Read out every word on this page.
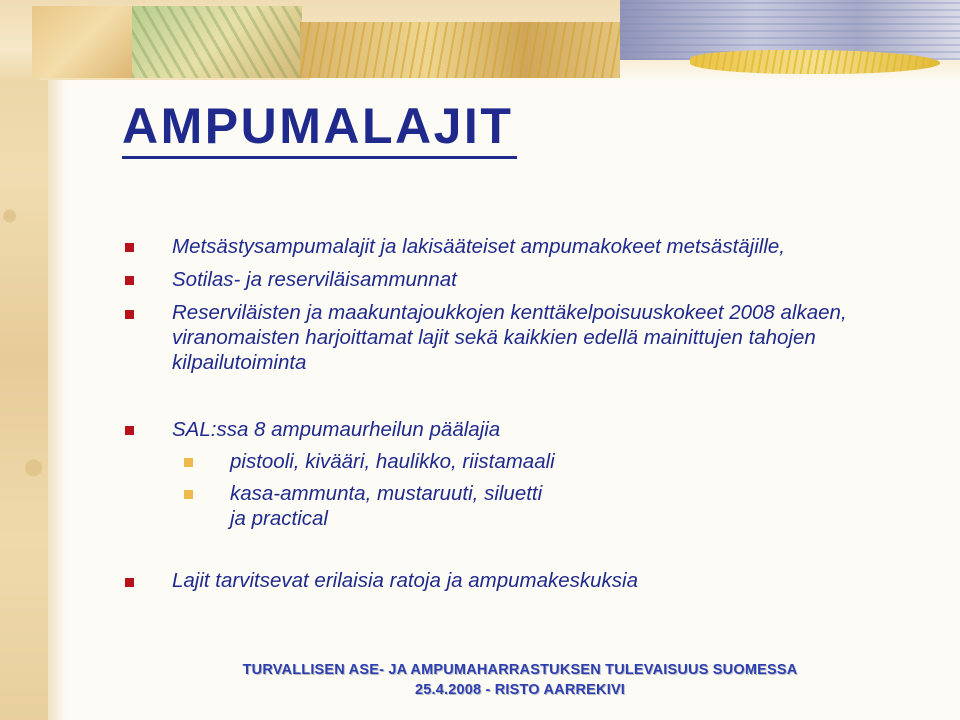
AMPUMALAJIT
Metsästysampumalajit ja lakisääteiset ampumakokeet metsästäjille,
Sotilas- ja reserviläisammunnat
Reserviläisten ja maakuntajoukkojen kenttäkelpoisuuskokeet 2008 alkaen,
viranomaisten harjoittamat lajit sekä kaikkien edellä mainittujen tahojen
kilpailutoiminta
SAL:ssa 8 ampumaurheilun päälajia
pistooli, kivääri, haulikko, riistamaali
kasa-ammunta, mustaruuti, siluetti
ja practical
Lajit tarvitsevat erilaisia ratoja ja ampumakeskuksia
TURVALLISEN ASE- JA AMPUMAHARRASTUKSEN TULEVAISUUS SUOMESSA
25.4.2008 - RISTO AARREKIVI
